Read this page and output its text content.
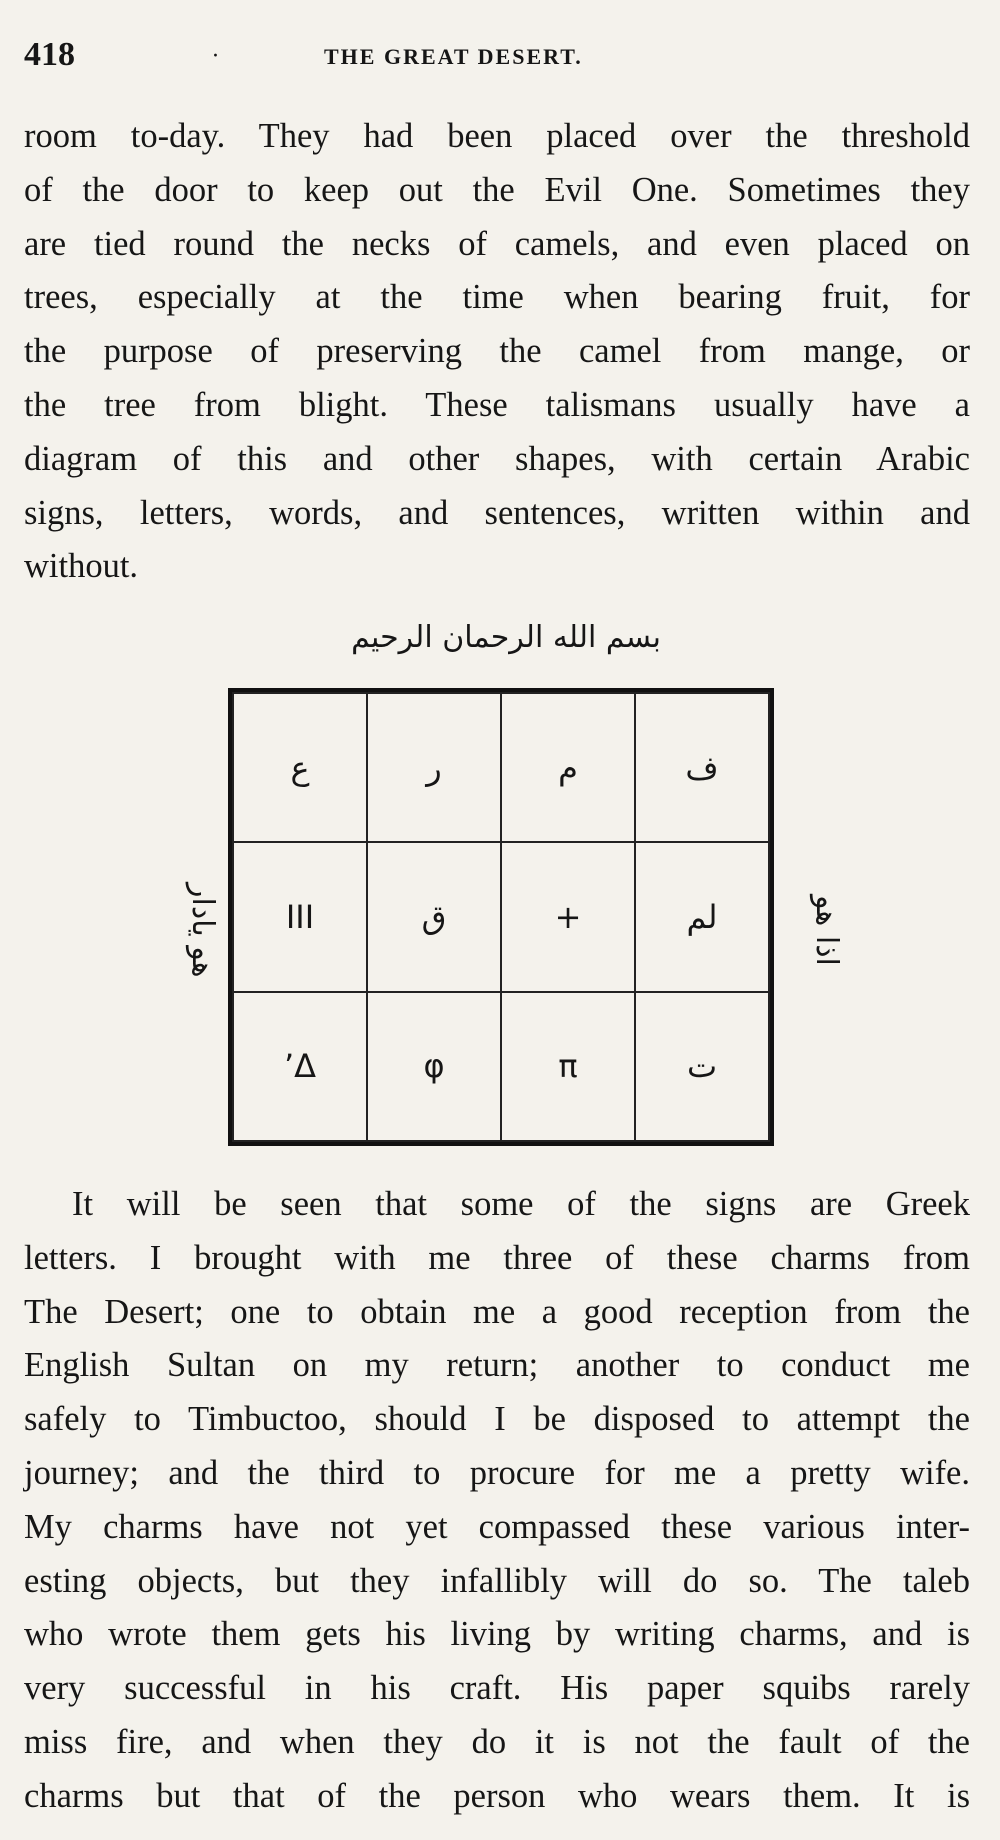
418	·	THE GREAT DESERT.
room to-day. They had been placed over the threshold
of the door to keep out the Evil One. Sometimes they
are tied round the necks of camels, and even placed on
trees, especially at the time when bearing fruit, for
the purpose of preserving the camel from mange, or
the tree from blight. These talismans usually have a
diagram of this and other shapes, with certain Arabic
signs, letters, words, and sentences, written within and
without.
بسم الله الرحمان الرحيم
هو يادار
ع	ر	م	ف
III	ق	+	لم
ʼΔ	φ	π	ت
اذا هو
It will be seen that some of the signs are Greek
letters. I brought with me three of these charms from
The Desert; one to obtain me a good reception from the
English Sultan on my return; another to conduct me
safely to Timbuctoo, should I be disposed to attempt the
journey; and the third to procure for me a pretty wife.
My charms have not yet compassed these various inter-
esting objects, but they infallibly will do so. The taleb
who wrote them gets his living by writing charms, and is
very successful in his craft. His paper squibs rarely
miss fire, and when they do it is not the fault of the
charms but that of the person who wears them. It is
